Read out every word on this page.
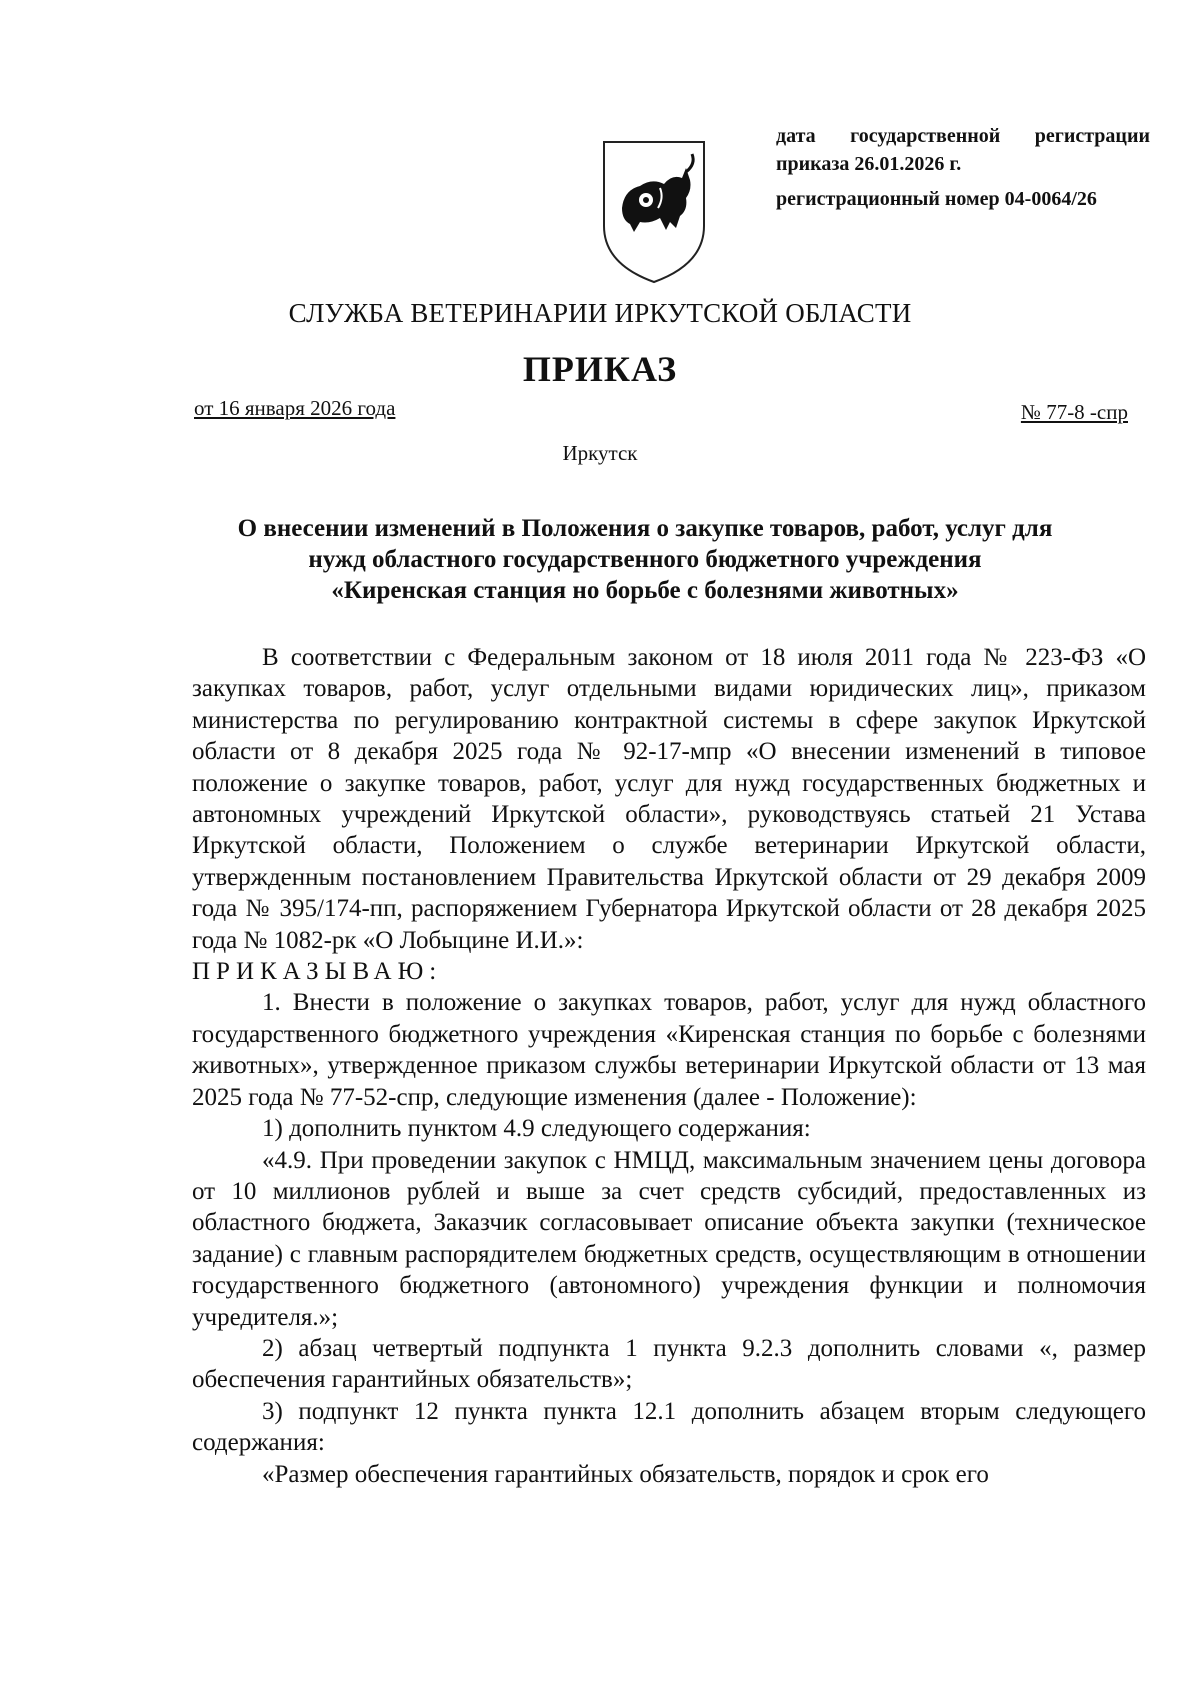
дата государственной регистрации
приказа 26.01.2026 г.
регистрационный номер 04-0064/26
СЛУЖБА ВЕТЕРИНАРИИ ИРКУТСКОЙ ОБЛАСТИ
ПРИКАЗ
от 16 января 2026 года	№ 77-8 -спр
Иркутск
О внесении изменений в Положения о закупке товаров, работ, услуг для
нужд областного государственного бюджетного учреждения
«Киренская станция но борьбе с болезнями животных»

В соответствии с Федеральным законом от 18 июля 2011 года № 223-ФЗ «О закупках товаров, работ, услуг отдельными видами юридических лиц», приказом министерства по регулированию контрактной системы в сфере закупок Иркутской области от 8 декабря 2025 года № 92-17-мпр «О внесении изменений в типовое положение о закупке товаров, работ, услуг для нужд государственных бюджетных и автономных учреждений Иркутской области», руководствуясь статьей 21 Устава Иркутской области, Положением о службе ветеринарии Иркутской области, утвержденным постановлением Правительства Иркутской области от 29 декабря 2009 года № 395/174-пп, распоряжением Губернатора Иркутской области от 28 декабря 2025 года № 1082-рк «О Лобыцине И.И.»:

ПРИКАЗЫВАЮ:

1. Внести в положение о закупках товаров, работ, услуг для нужд областного государственного бюджетного учреждения «Киренская станция по борьбе с болезнями животных», утвержденное приказом службы ветеринарии Иркутской области от 13 мая 2025 года № 77-52-спр, следующие изменения (далее - Положение):

1) дополнить пунктом 4.9 следующего содержания:

«4.9. При проведении закупок с НМЦД, максимальным значением цены договора от 10 миллионов рублей и выше за счет средств субсидий, предоставленных из областного бюджета, Заказчик согласовывает описание объекта закупки (техническое задание) с главным распорядителем бюджетных средств, осуществляющим в отношении государственного бюджетного (автономного) учреждения функции и полномочия учредителя.»;

2) абзац четвертый подпункта 1 пункта 9.2.3 дополнить словами «, размер обеспечения гарантийных обязательств»;

3) подпункт 12 пункта пункта 12.1 дополнить абзацем вторым следующего содержания:

«Размер обеспечения гарантийных обязательств, порядок и срок его
